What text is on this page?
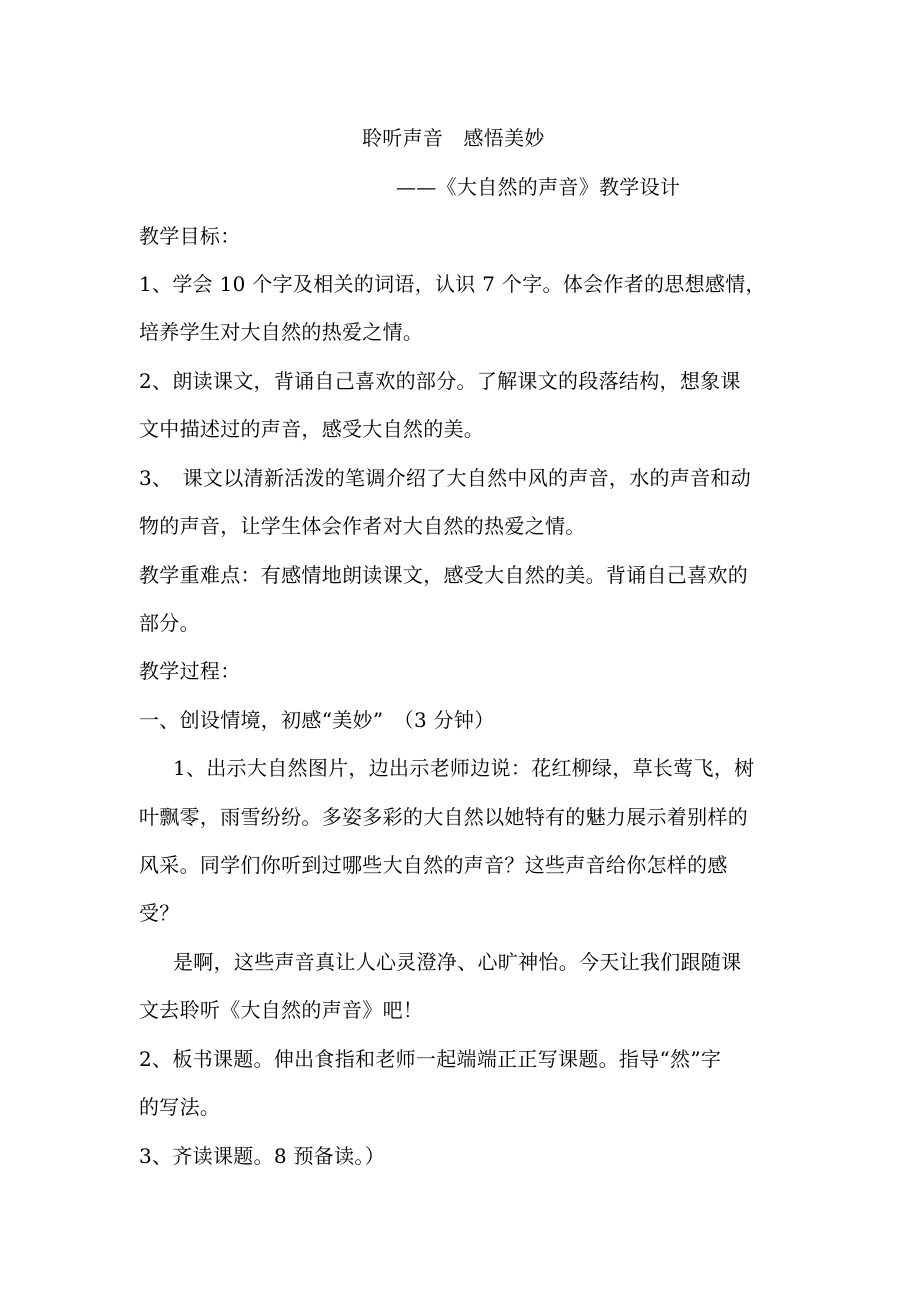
聆听声音　感悟美妙
——《大自然的声音》教学设计
教学目标：
1、学会 10 个字及相关的词语，认识 7 个字。体会作者的思想感情，
培养学生对大自然的热爱之情。
2、朗读课文，背诵自己喜欢的部分。了解课文的段落结构，想象课
文中描述过的声音，感受大自然的美。
3、　课文以清新活泼的笔调介绍了大自然中风的声音，水的声音和动
物的声音，让学生体会作者对大自然的热爱之情。
教学重难点：有感情地朗读课文，感受大自然的美。背诵自己喜欢的
部分。
教学过程：
一、创设情境，初感“美妙”　（3 分钟）
1、出示大自然图片，边出示老师边说：花红柳绿，草长莺飞，树
叶飘零，雨雪纷纷。多姿多彩的大自然以她特有的魅力展示着别样的
风采。同学们你听到过哪些大自然的声音？这些声音给你怎样的感
受？
是啊，这些声音真让人心灵澄净、心旷神怡。今天让我们跟随课
文去聆听《大自然的声音》吧！
2、板书课题。伸出食指和老师一起端端正正写课题。指导“然”字
的写法。
3、齐读课题。8 预备读。）
